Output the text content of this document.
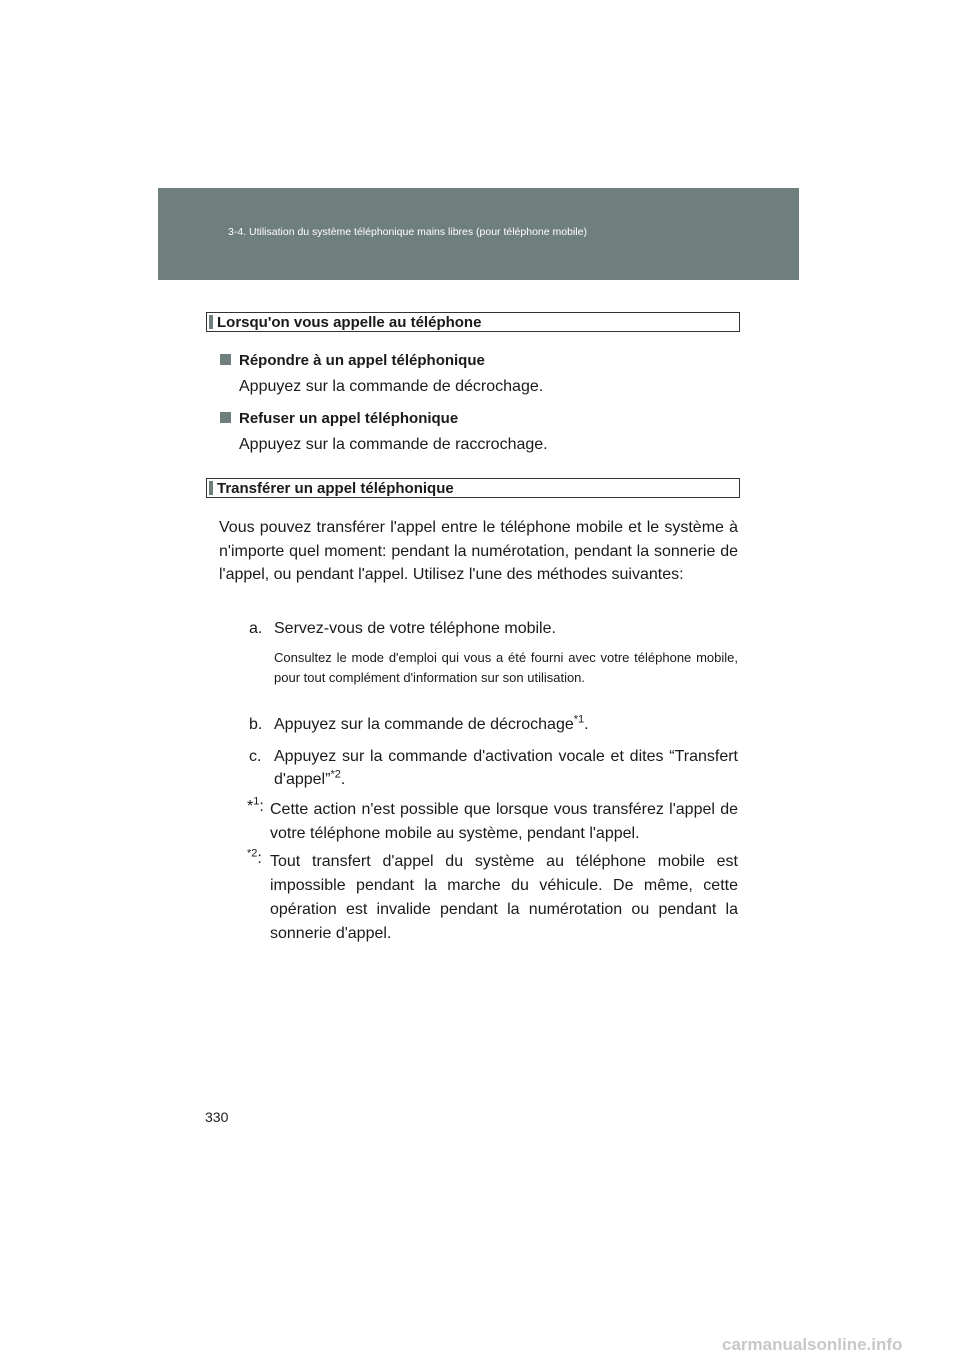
3-4. Utilisation du système téléphonique mains libres (pour téléphone mobile)
Lorsqu'on vous appelle au téléphone
Répondre à un appel téléphonique
Appuyez sur la commande de décrochage.
Refuser un appel téléphonique
Appuyez sur la commande de raccrochage.
Transférer un appel téléphonique
Vous pouvez transférer l'appel entre le téléphone mobile et le système à n'importe quel moment: pendant la numérotation, pendant la sonnerie de l'appel, ou pendant l'appel. Utilisez l'une des méthodes suivantes:
a. Servez-vous de votre téléphone mobile.
Consultez le mode d'emploi qui vous a été fourni avec votre téléphone mobile, pour tout complément d'information sur son utilisation.
b. Appuyez sur la commande de décrochage$^{*1}$.
c. Appuyez sur la commande d'activation vocale et dites “Transfert d'appel”$^{*2}$.
*$^1$: Cette action n'est possible que lorsque vous transférez l'appel de votre téléphone mobile au système, pendant l'appel.
$^{*2}$: Tout transfert d'appel du système au téléphone mobile est impossible pendant la marche du véhicule. De même, cette opération est invalide pendant la numérotation ou pendant la sonnerie d'appel.
330
carmanualsonline.info
